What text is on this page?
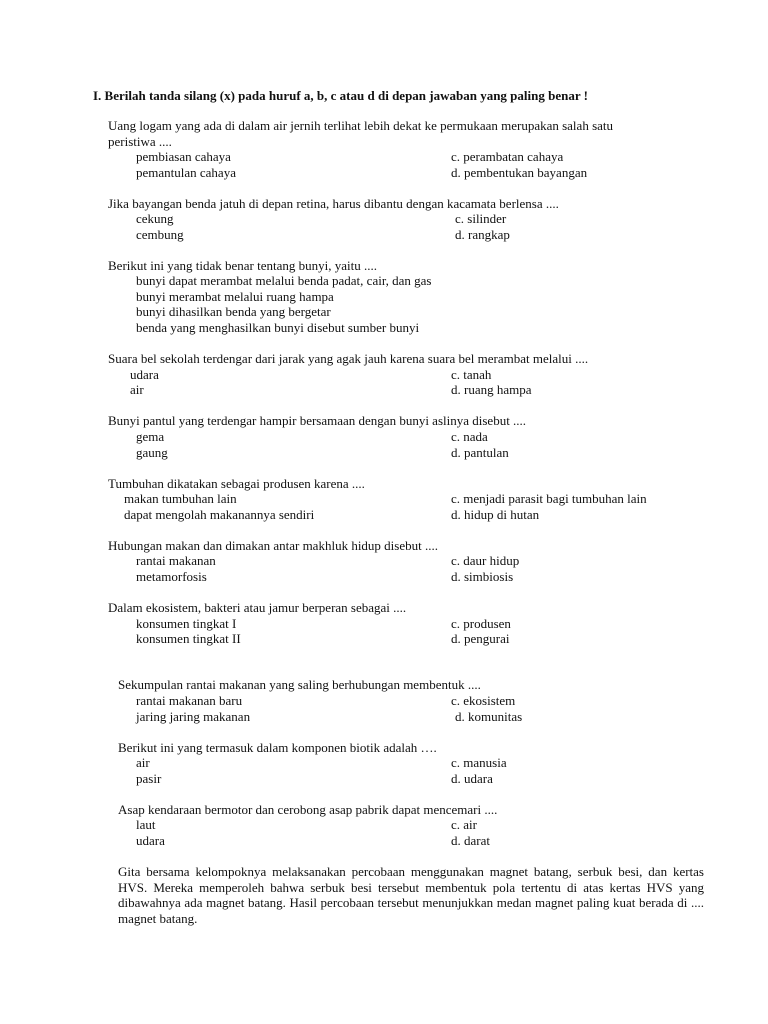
I. Berilah tanda silang (x) pada huruf a, b, c atau d di depan jawaban yang paling benar !
Uang logam yang ada di dalam air jernih terlihat lebih dekat ke permukaan merupakan salah satu
peristiwa ....
pembiasan cahaya
pemantulan cahaya
c. perambatan cahaya
d. pembentukan bayangan
Jika bayangan benda jatuh di depan retina, harus dibantu dengan kacamata berlensa ....
cekung
cembung
c. silinder
d. rangkap
Berikut ini yang tidak benar tentang bunyi, yaitu ....
bunyi dapat merambat melalui benda padat, cair, dan gas
bunyi merambat melalui ruang hampa
bunyi dihasilkan benda yang bergetar
benda yang menghasilkan bunyi disebut sumber bunyi
Suara bel sekolah terdengar dari jarak yang agak jauh karena suara bel merambat melalui ....
udara
air
c. tanah
d. ruang hampa
Bunyi pantul yang terdengar hampir bersamaan dengan bunyi aslinya disebut ....
gema
gaung
c. nada
d. pantulan
Tumbuhan dikatakan sebagai produsen karena ....
makan tumbuhan lain
dapat mengolah makanannya sendiri
c. menjadi parasit bagi tumbuhan lain
d. hidup di hutan
Hubungan makan dan dimakan antar makhluk hidup disebut ....
rantai makanan
metamorfosis
c. daur hidup
d. simbiosis
Dalam ekosistem, bakteri atau jamur berperan sebagai ....
konsumen tingkat I
konsumen tingkat II
c. produsen
d. pengurai
Sekumpulan rantai makanan yang saling berhubungan membentuk ....
rantai makanan baru
jaring jaring makanan
c. ekosistem
d. komunitas
Berikut ini yang termasuk dalam komponen biotik adalah ….
air
pasir
c. manusia
d. udara
Asap kendaraan bermotor dan cerobong asap pabrik dapat mencemari ....
laut
udara
c. air
d. darat
Gita bersama kelompoknya melaksanakan percobaan menggunakan magnet batang, serbuk besi, dan kertas HVS. Mereka memperoleh bahwa serbuk besi tersebut membentuk pola tertentu di atas kertas HVS yang dibawahnya ada magnet batang. Hasil percobaan tersebut menunjukkan medan magnet paling kuat berada di .... magnet batang.
